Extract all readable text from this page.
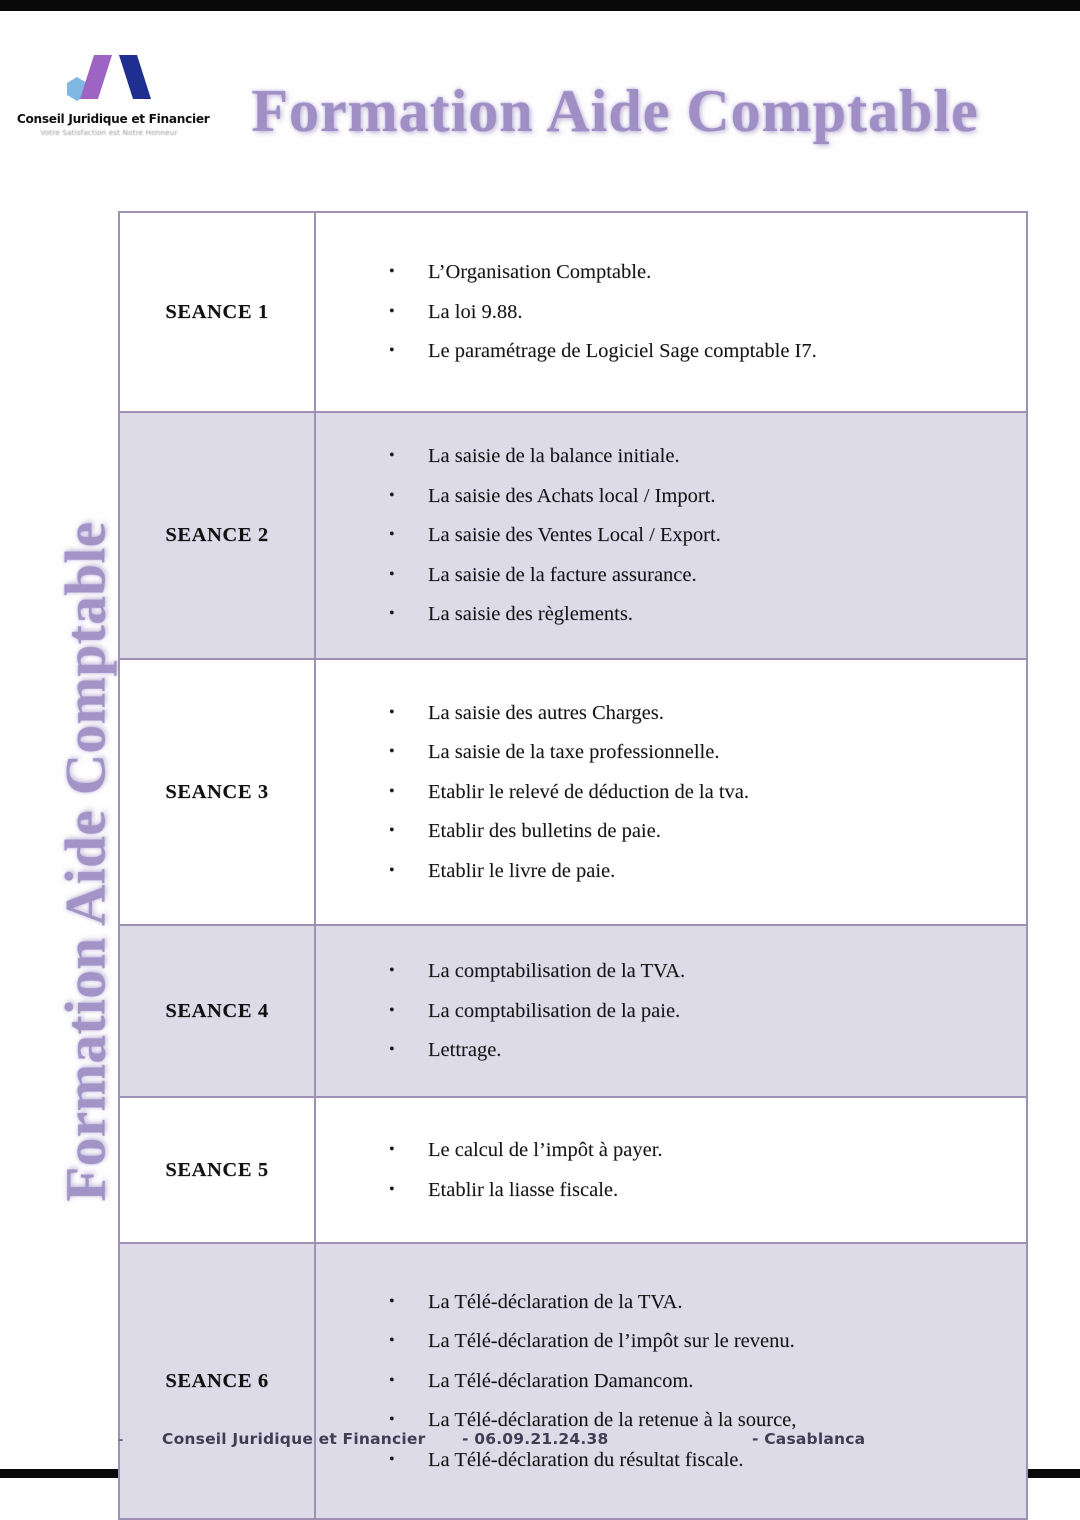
Formation Aide Comptable
Conseil Juridique et Financier
Votre Satisfaction est Notre Honneur	Formation Aide Comptable
SEANCE 1	
• L’Organisation Comptable.
• La loi 9.88.
• Le paramétrage de Logiciel Sage comptable I7.

SEANCE 2	
• La saisie de la balance initiale.
• La saisie des Achats local / Import.
• La saisie des Ventes Local / Export.
• La saisie de la facture assurance.
• La saisie des règlements.

SEANCE 3	
• La saisie des autres Charges.
• La saisie de la taxe professionnelle.
• Etablir le relevé de déduction de la tva.
• Etablir des bulletins de paie.
• Etablir le livre de paie.

SEANCE 4	
• La comptabilisation de la TVA.
• La comptabilisation de la paie.
• Lettrage.

SEANCE 5	
• Le calcul de l’impôt à payer.
• Etablir la liasse fiscale.

SEANCE 6	
• La Télé-déclaration de la TVA.
• La Télé-déclaration de l’impôt sur le revenu.
• La Télé-déclaration Damancom.
• La Télé-déclaration de la retenue à la source,
• La Télé-déclaration du résultat fiscale.
-	Conseil Juridique et Financier	- 06.09.21.24.38	- Casablanca
